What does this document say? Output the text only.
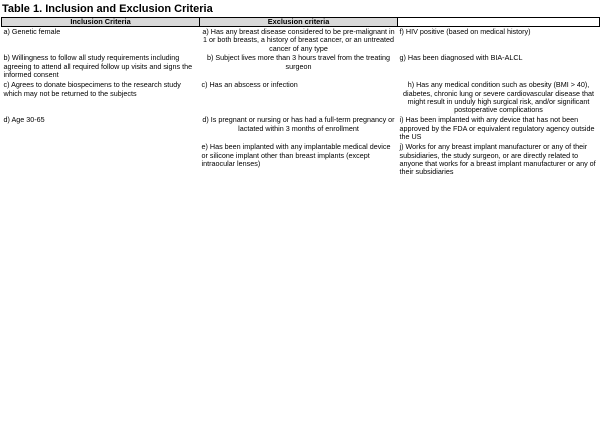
Table 1. Inclusion and Exclusion Criteria
Inclusion Criteria	Exclusion criteria	
a) Genetic female	a) Has any breast disease considered to be pre-malignant in 1 or both breasts, a history of breast cancer, or an untreated cancer of any type	f) HIV positive (based on medical history)
b) Willingness to follow all study requirements including agreeing to attend all required follow up visits and signs the informed consent	b) Subject lives more than 3 hours travel from the treating surgeon	g) Has been diagnosed with BIA-ALCL
c) Agrees to donate biospecimens to the research study which may not be returned to the subjects	c) Has an abscess or infection	h) Has any medical condition such as obesity (BMI > 40), diabetes, chronic lung or severe cardiovascular disease that might result in unduly high surgical risk, and/or significant postoperative complications
d) Age 30-65	d) Is pregnant or nursing or has had a full-term pregnancy or lactated within 3 months of enrollment	i) Has been implanted with any device that has not been approved by the FDA or equivalent regulatory agency outside the US
	e) Has been implanted with any implantable medical device or silicone implant other than breast implants (except intraocular lenses)	j) Works for any breast implant manufacturer or any of their subsidiaries, the study surgeon, or are directly related to anyone that works for a breast implant manufacturer or any of their subsidiaries
